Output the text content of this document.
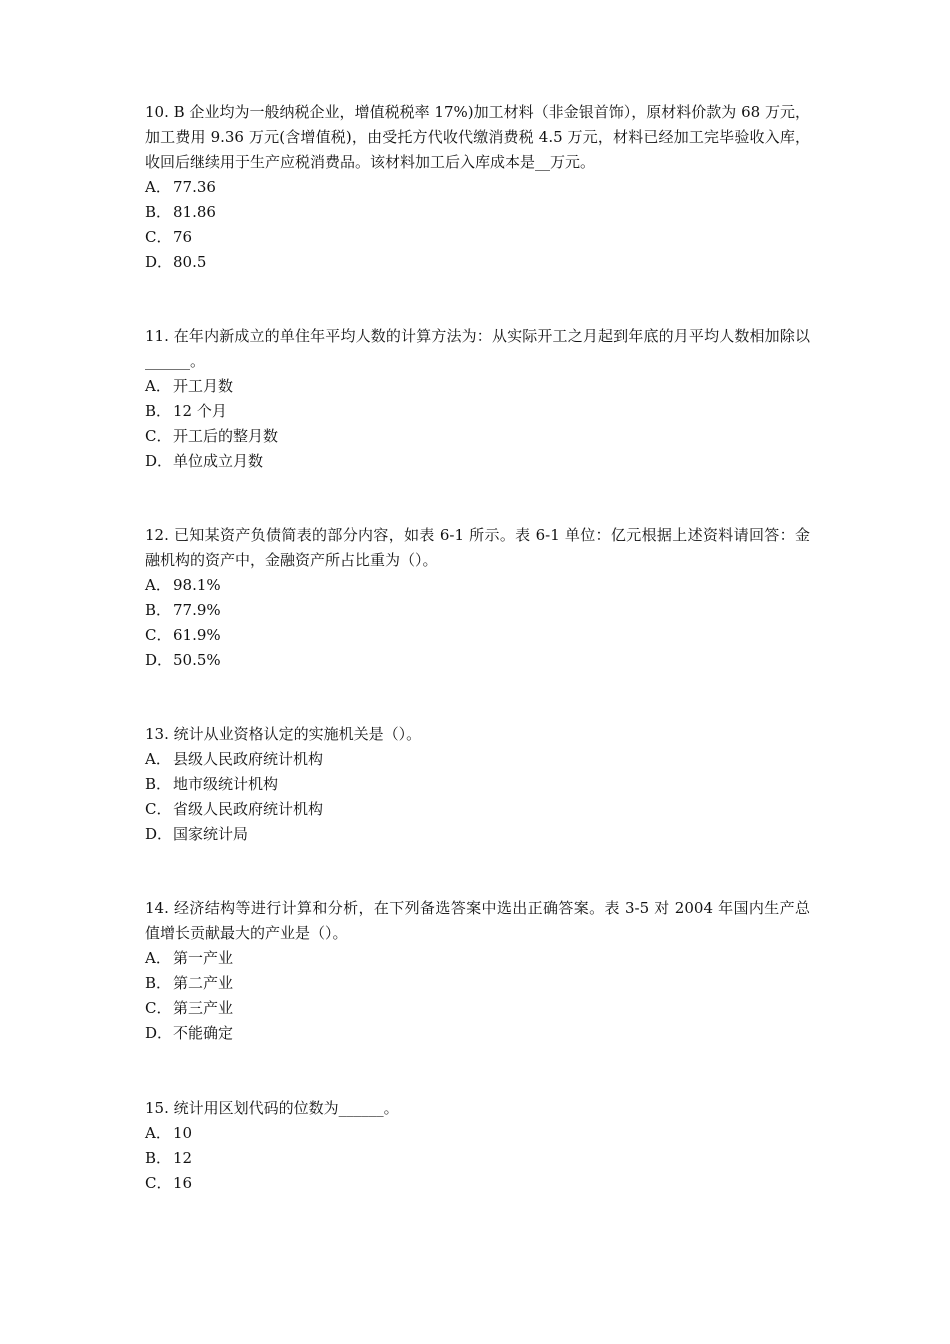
10. B 企业均为一般纳税企业，增值税税率 17%)加工材料（非金银首饰），原材料价款为 68 万元，加工费用 9.36 万元(含增值税)，由受托方代收代缴消费税 4.5 万元，材料已经加工完毕验收入库，收回后继续用于生产应税消费品。该材料加工后入库成本是__万元。

A． 77.36
B． 81.86
C． 76
D．80.5

11. 在年内新成立的单住年平均人数的计算方法为：从实际开工之月起到年底的月平均人数相加除以______。

A． 开工月数
B． 12 个月
C． 开工后的整月数
D．单位成立月数

12. 已知某资产负债简表的部分内容，如表 6-1 所示。表 6-1 单位：亿元根据上述资料请回答：金融机构的资产中，金融资产所占比重为（）。

A． 98.1%
B． 77.9%
C． 61.9%
D．50.5%

13. 统计从业资格认定的实施机关是（）。

A． 县级人民政府统计机构
B． 地市级统计机构
C． 省级人民政府统计机构
D．国家统计局

14. 经济结构等进行计算和分析，在下列备选答案中选出正确答案。表 3-5 对 2004 年国内生产总值增长贡献最大的产业是（）。

A． 第一产业
B． 第二产业
C． 第三产业
D．不能确定

15. 统计用区划代码的位数为______。

A． 10
B． 12
C． 16
